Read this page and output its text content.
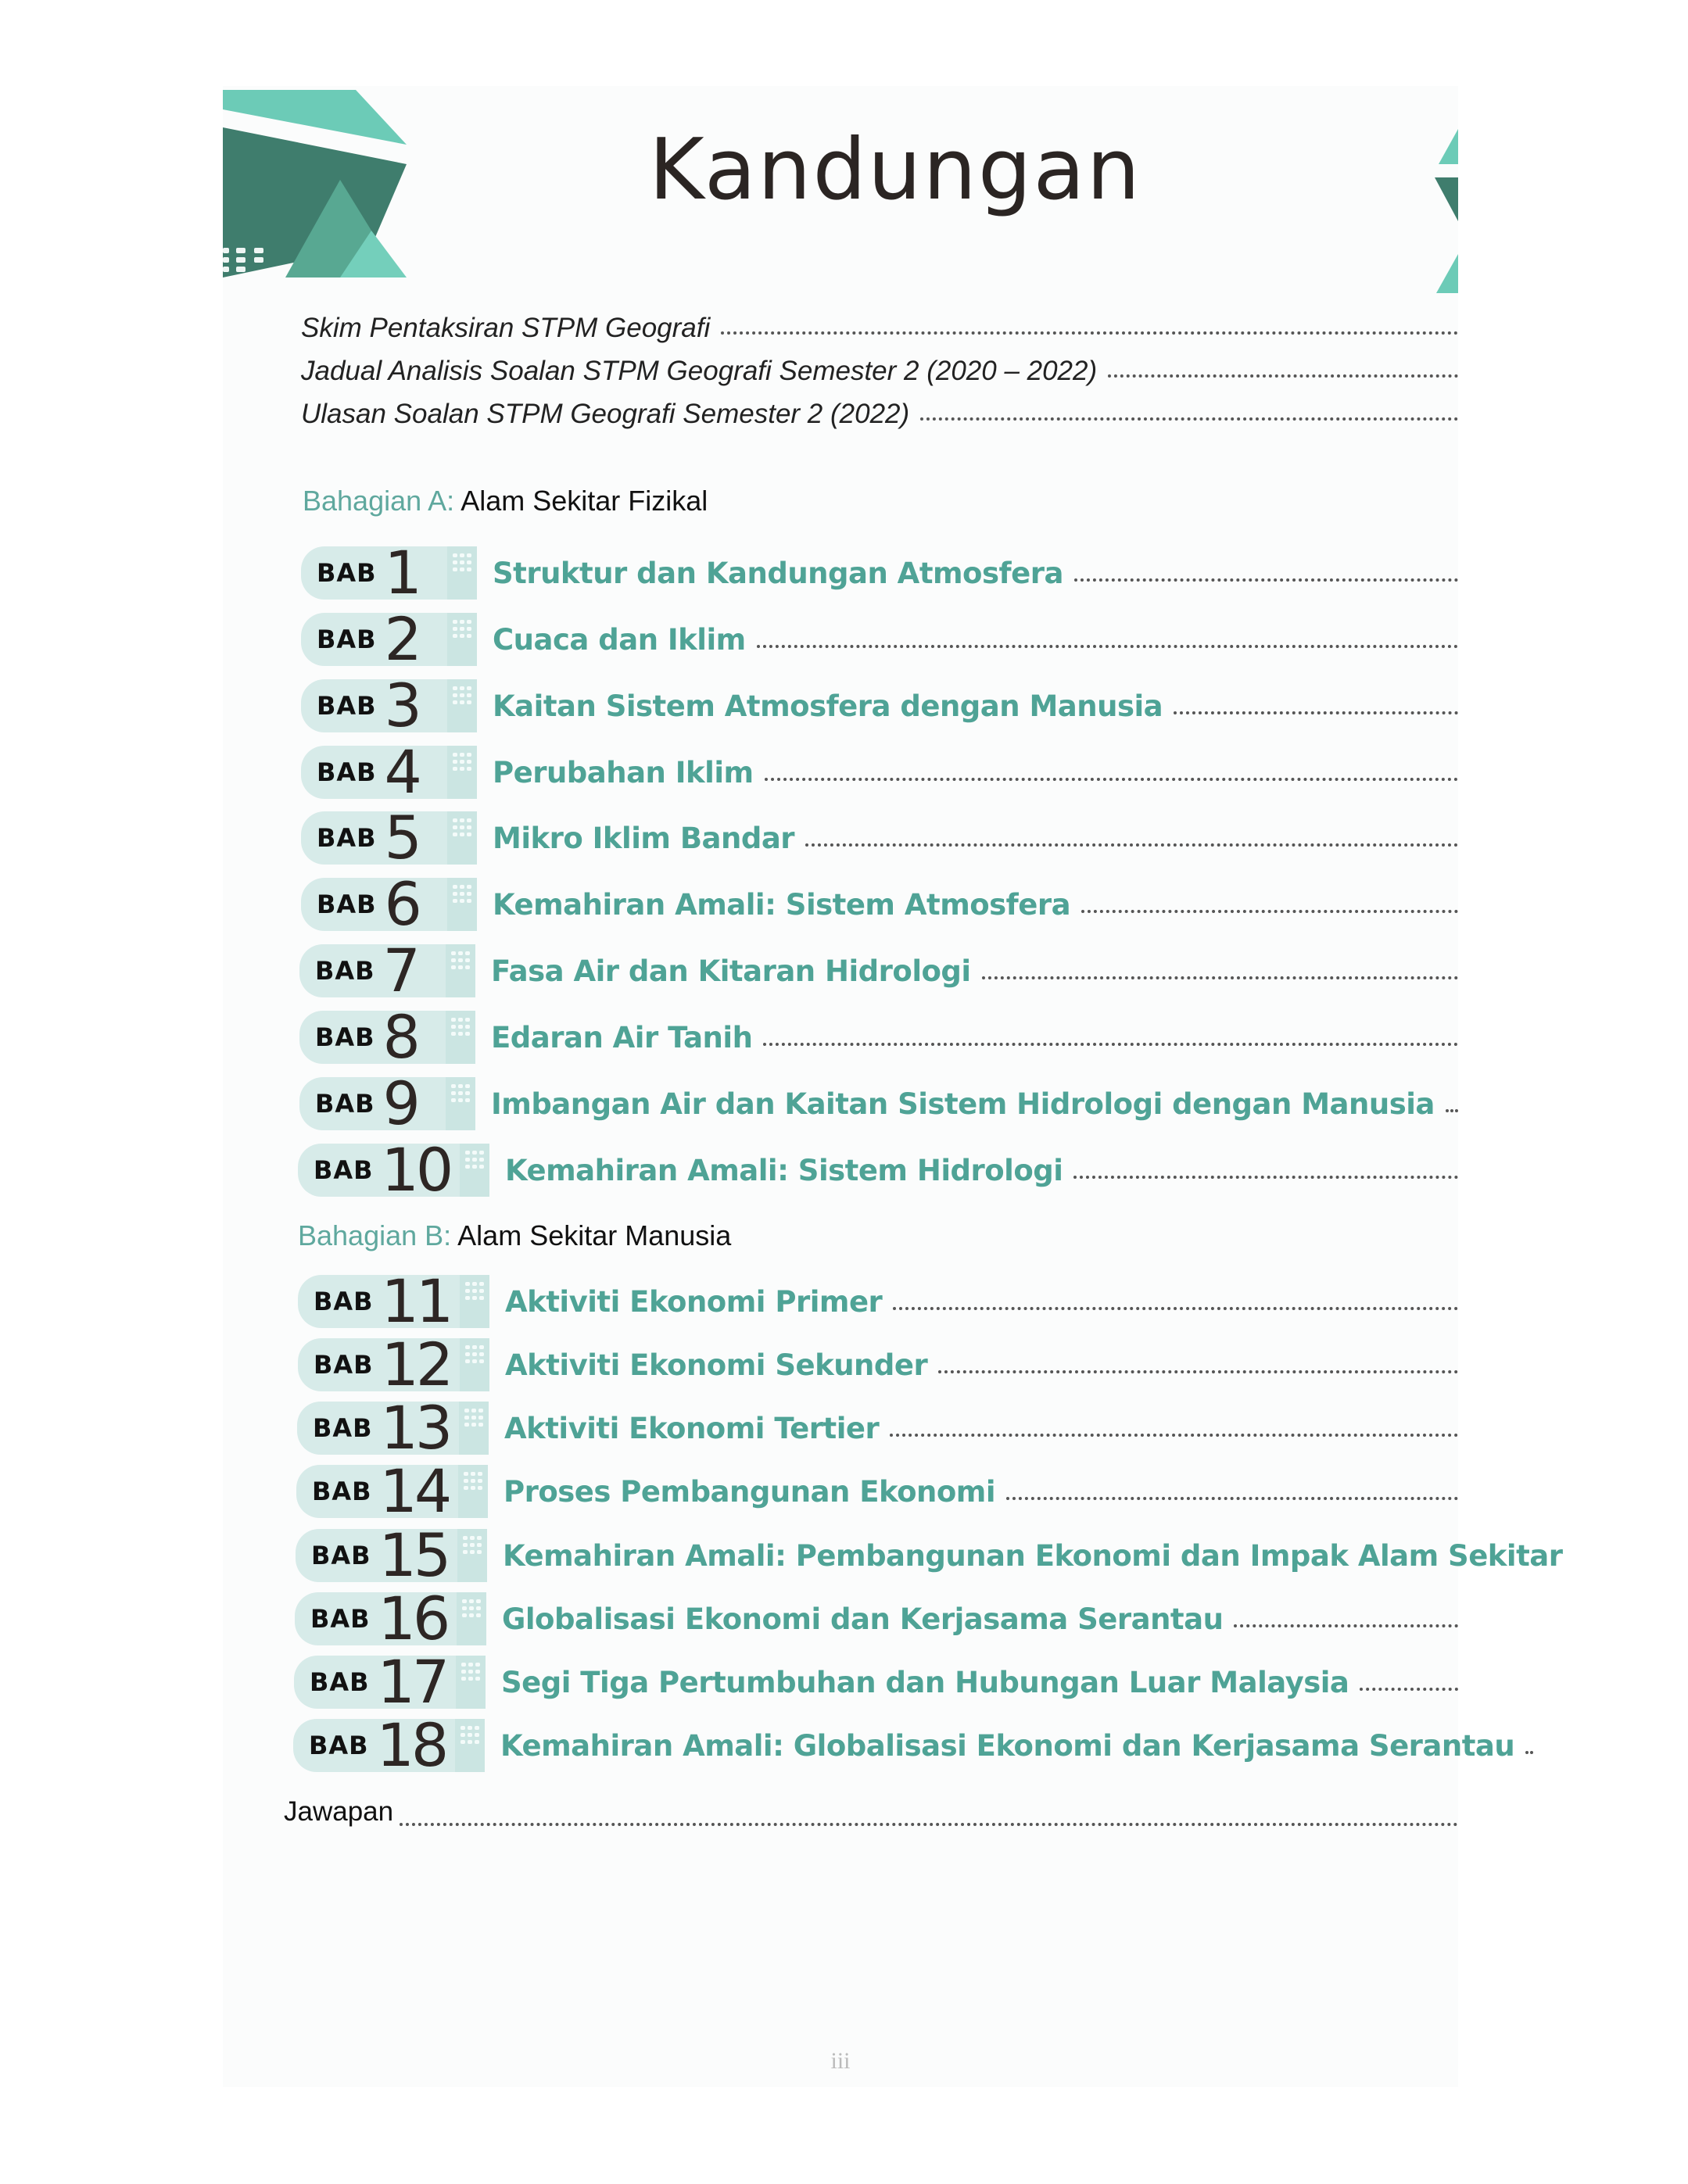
Kandungan
Skim Pentaksiran STPM Geografi
Jadual Analisis Soalan STPM Geografi Semester 2 (2020 – 2022)
Ulasan Soalan STPM Geografi Semester 2 (2022)
Bahagian A: Alam Sekitar Fizikal
BAB 1	Struktur dan Kandungan Atmosfera
BAB 2	Cuaca dan Iklim
BAB 3	Kaitan Sistem Atmosfera dengan Manusia
BAB 4	Perubahan Iklim
BAB 5	Mikro Iklim Bandar
BAB 6	Kemahiran Amali: Sistem Atmosfera
BAB 7	Fasa Air dan Kitaran Hidrologi
BAB 8	Edaran Air Tanih
BAB 9	Imbangan Air dan Kaitan Sistem Hidrologi dengan Manusia
BAB 10 Kemahiran Amali: Sistem Hidrologi
Bahagian B: Alam Sekitar Manusia
BAB 11 Aktiviti Ekonomi Primer
BAB 12 Aktiviti Ekonomi Sekunder
BAB 13 Aktiviti Ekonomi Tertier
BAB 14 Proses Pembangunan Ekonomi
BAB 15 Kemahiran Amali: Pembangunan Ekonomi dan Impak Alam Sekitar
BAB 16 Globalisasi Ekonomi dan Kerjasama Serantau
BAB 17 Segi Tiga Pertumbuhan dan Hubungan Luar Malaysia
BAB 18 Kemahiran Amali: Globalisasi Ekonomi dan Kerjasama Serantau
Jawapan
iii
